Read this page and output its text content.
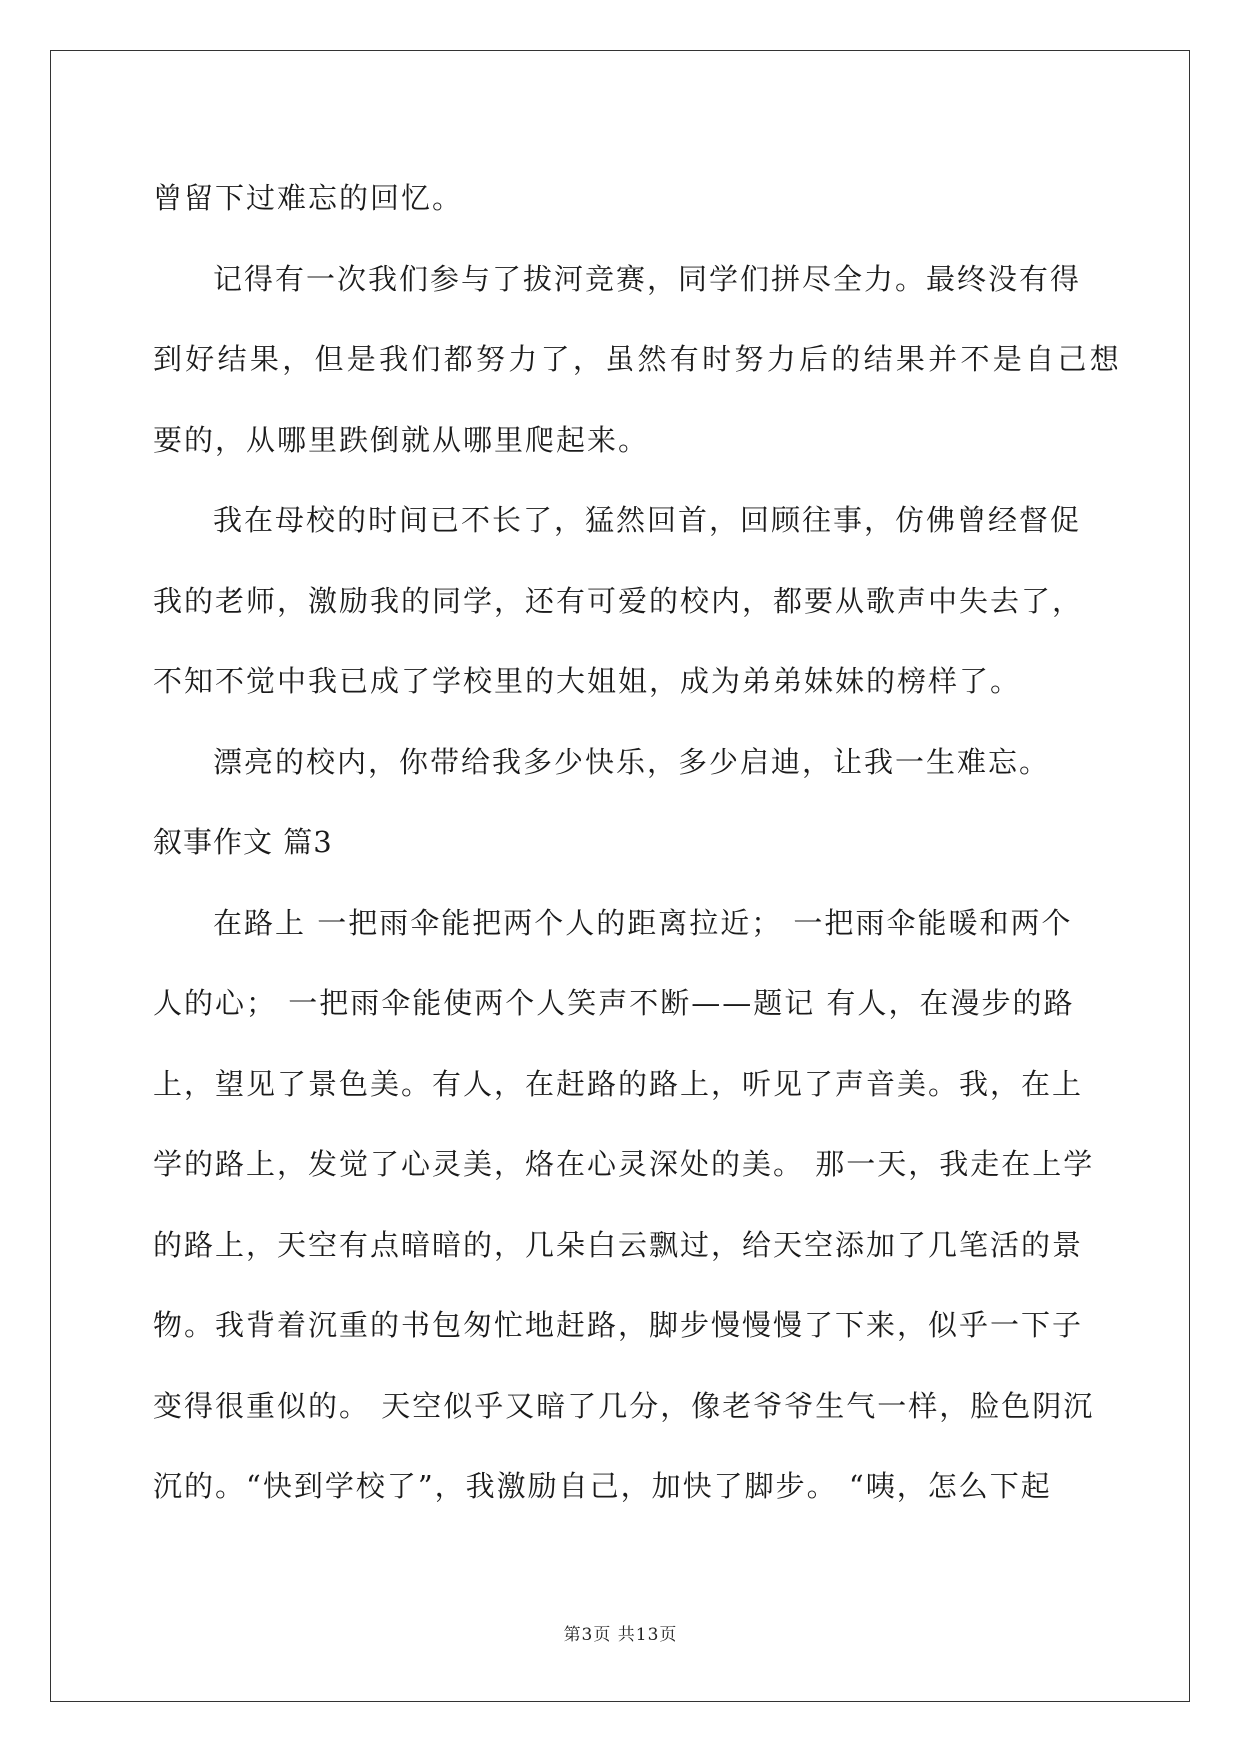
曾留下过难忘的回忆。
记得有一次我们参与了拔河竞赛，同学们拼尽全力。最终没有得
到好结果，但是我们都努力了，虽然有时努力后的结果并不是自己想
要的，从哪里跌倒就从哪里爬起来。
我在母校的时间已不长了，猛然回首，回顾往事，仿佛曾经督促
我的老师，激励我的同学，还有可爱的校内，都要从歌声中失去了，
不知不觉中我已成了学校里的大姐姐，成为弟弟妹妹的榜样了。
漂亮的校内，你带给我多少快乐，多少启迪，让我一生难忘。
叙事作文 篇3
在路上 一把雨伞能把两个人的距离拉近； 一把雨伞能暖和两个
人的心； 一把雨伞能使两个人笑声不断——题记 有人，在漫步的路
上，望见了景色美。有人，在赶路的路上，听见了声音美。我，在上
学的路上，发觉了心灵美，烙在心灵深处的美。 那一天，我走在上学
的路上，天空有点暗暗的，几朵白云飘过，给天空添加了几笔活的景
物。我背着沉重的书包匆忙地赶路，脚步慢慢慢了下来，似乎一下子
变得很重似的。 天空似乎又暗了几分，像老爷爷生气一样，脸色阴沉
沉的。“快到学校了”，我激励自己，加快了脚步。 “咦，怎么下起
第3页 共13页
